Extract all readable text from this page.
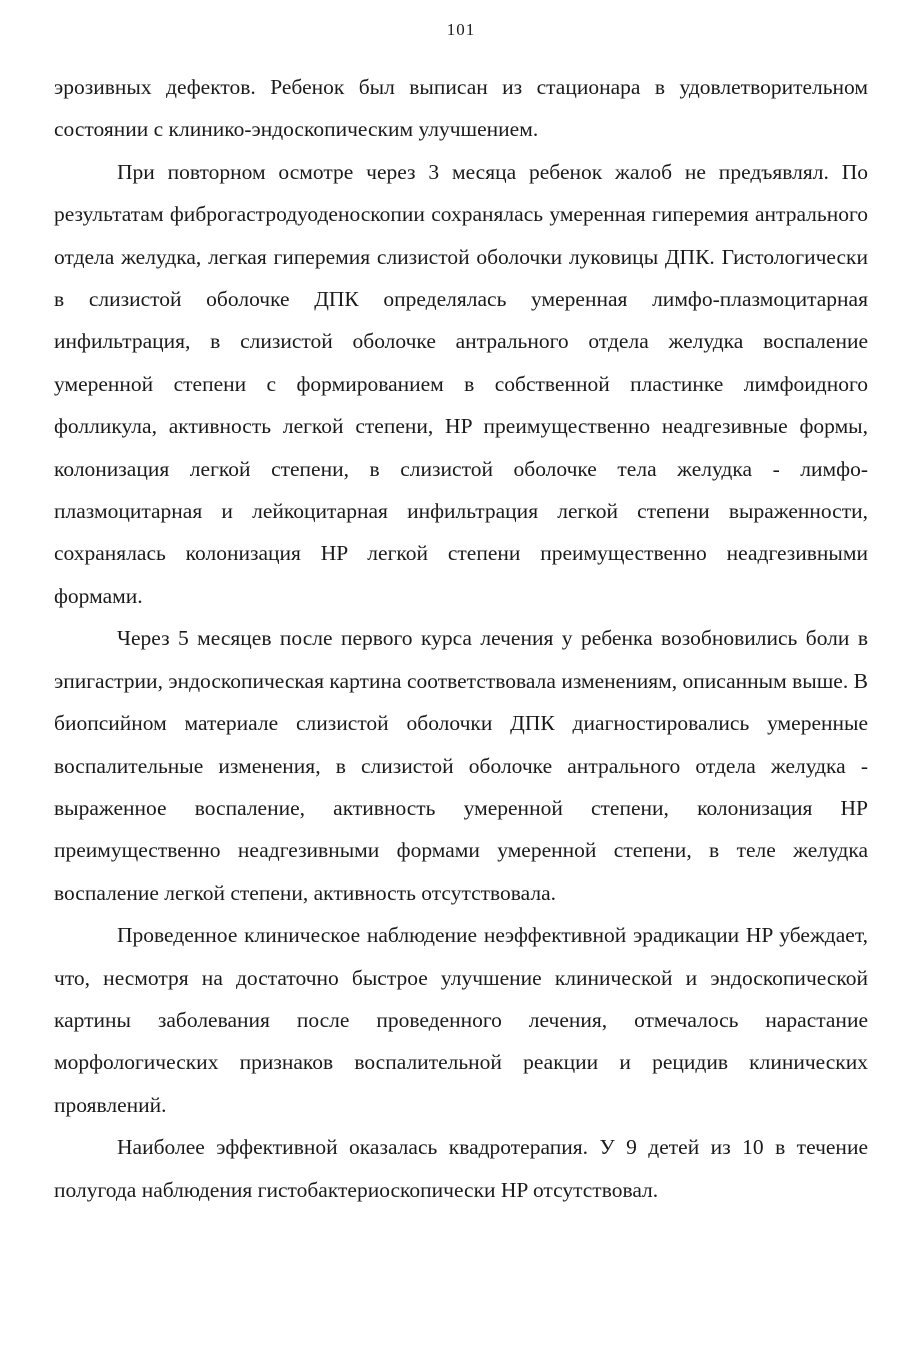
101

эрозивных дефектов. Ребенок был выписан из стационара в удовлетворительном состоянии с клинико-эндоскопическим улучшением.

При повторном осмотре через 3 месяца ребенок жалоб не предъявлял. По результатам фиброгастродуоденоскопии сохранялась умеренная гиперемия антрального отдела желудка, легкая гиперемия слизистой оболочки луковицы ДПК. Гистологически в слизистой оболочке ДПК определялась умеренная лимфо-плазмоцитарная инфильтрация, в слизистой оболочке антрального отдела желудка воспаление умеренной степени с формированием в собственной пластинке лимфоидного фолликула, активность легкой степени, HP преимущественно неадгезивные формы, колонизация легкой степени, в слизистой оболочке тела желудка - лимфо-плазмоцитарная и лейкоцитарная инфильтрация легкой степени выраженности, сохранялась колонизация HP легкой степени преимущественно неадгезивными формами.

Через 5 месяцев после первого курса лечения у ребенка возобновились боли в эпигастрии, эндоскопическая картина соответствовала изменениям, описанным выше. В биопсийном материале слизистой оболочки ДПК диагностировались умеренные воспалительные изменения, в слизистой оболочке антрального отдела желудка - выраженное воспаление, активность умеренной степени, колонизация HP преимущественно неадгезивными формами умеренной степени, в теле желудка воспаление легкой степени, активность отсутствовала.

Проведенное клиническое наблюдение неэффективной эрадикации HP убеждает, что, несмотря на достаточно быстрое улучшение клинической и эндоскопической картины заболевания после проведенного лечения, отмечалось нарастание морфологических признаков воспалительной реакции и рецидив клинических проявлений.

Наиболее эффективной оказалась квадротерапия. У 9 детей из 10 в течение полугода наблюдения гистобактериоскопически HP отсутствовал.
